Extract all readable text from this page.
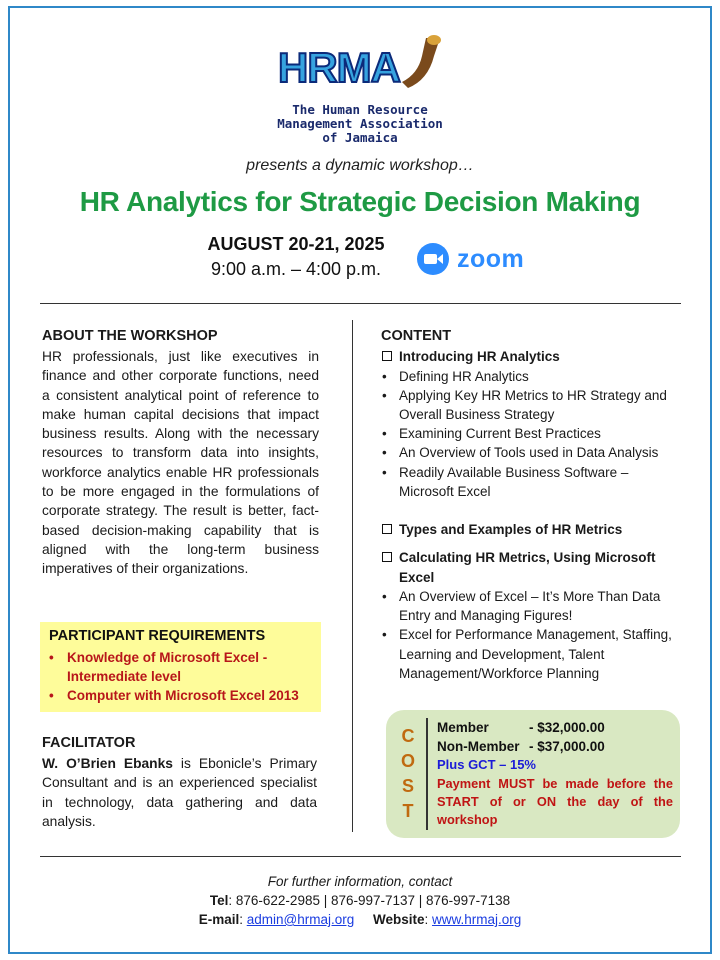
HRMA
The Human Resource
Management Association
of Jamaica
presents a dynamic workshop…
HR Analytics for Strategic Decision Making
AUGUST 20-21, 2025
9:00 a.m. – 4:00 p.m.	zoom
ABOUT THE WORKSHOP
HR professionals, just like executives in finance and other corporate functions, need a consistent analytical point of reference to make human capital decisions that impact business results. Along with the necessary resources to transform data into insights, workforce analytics enable HR professionals to be more engaged in the formulations of corporate strategy. The result is better, fact-based decision-making capability that is aligned with the long-term business imperatives of their organizations.
PARTICIPANT REQUIREMENTS
• Knowledge of Microsoft Excel - Intermediate level
• Computer with Microsoft Excel 2013
FACILITATOR
W. O’Brien Ebanks is Ebonicle’s Primary Consultant and is an experienced specialist in technology, data gathering and data analysis.
CONTENT
Introducing HR Analytics
• Defining HR Analytics
• Applying Key HR Metrics to HR Strategy and Overall Business Strategy
• Examining Current Best Practices
• An Overview of Tools used in Data Analysis
• Readily Available Business Software – Microsoft Excel
Types and Examples of HR Metrics
Calculating HR Metrics, Using Microsoft Excel
• An Overview of Excel – It’s More Than Data Entry and Managing Figures!
• Excel for Performance Management, Staffing, Learning and Development, Talent Management/Workforce Planning
C
O
S
T
Member	- $32,000.00
Non-Member - $37,000.00
Plus GCT – 15%
Payment MUST be made before the START of or ON the day of the workshop
For further information, contact
Tel: 876-622-2985 | 876-997-7137 | 876-997-7138
E-mail: admin@hrmaj.org Website: www.hrmaj.org
